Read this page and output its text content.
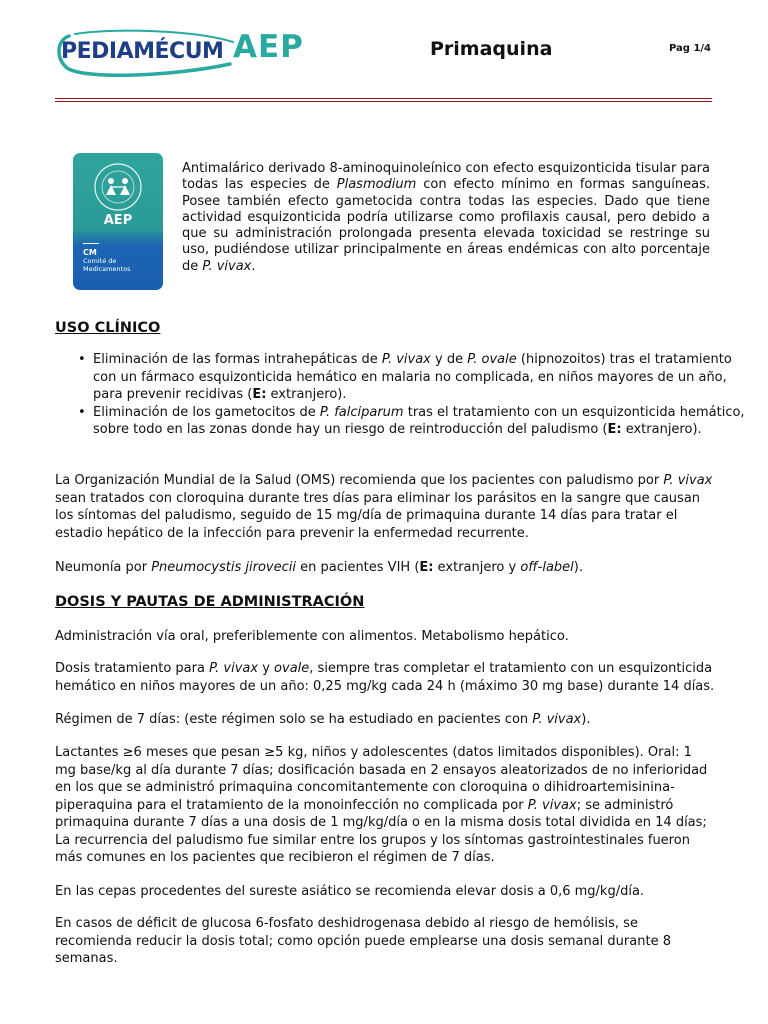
PEDIAMÉCUM AEP	Primaquina	Pag 1/4
AEP
CM
Comité de
Medicamentos

Antimalárico derivado 8-aminoquinoleínico con efecto esquizonticida tisular para todas las especies de Plasmodium con efecto mínimo en formas sanguíneas. Posee también efecto gametocida contra todas las especies. Dado que tiene actividad esquizonticida podría utilizarse como profilaxis causal, pero debido a que su administración prolongada presenta elevada toxicidad se restringe su uso, pudiéndose utilizar principalmente en áreas endémicas con alto porcentaje de P. vivax.

USO CLÍNICO
• Eliminación de las formas intrahepáticas de P. vivax y de P. ovale (hipnozoitos) tras el tratamiento con un fármaco esquizonticida hemático en malaria no complicada, en niños mayores de un año, para prevenir recidivas (E: extranjero).
• Eliminación de los gametocitos de P. falciparum tras el tratamiento con un esquizonticida hemático, sobre todo en las zonas donde hay un riesgo de reintroducción del paludismo (E: extranjero).

La Organización Mundial de la Salud (OMS) recomienda que los pacientes con paludismo por P. vivax sean tratados con cloroquina durante tres días para eliminar los parásitos en la sangre que causan los síntomas del paludismo, seguido de 15 mg/día de primaquina durante 14 días para tratar el estadio hepático de la infección para prevenir la enfermedad recurrente.

Neumonía por Pneumocystis jirovecii en pacientes VIH (E: extranjero y off-label).

DOSIS Y PAUTAS DE ADMINISTRACIÓN

Administración vía oral, preferiblemente con alimentos. Metabolismo hepático.

Dosis tratamiento para P. vivax y ovale, siempre tras completar el tratamiento con un esquizonticida hemático en niños mayores de un año: 0,25 mg/kg cada 24 h (máximo 30 mg base) durante 14 días.

Régimen de 7 días: (este régimen solo se ha estudiado en pacientes con P. vivax).

Lactantes ≥6 meses que pesan ≥5 kg, niños y adolescentes (datos limitados disponibles). Oral: 1 mg base/kg al día durante 7 días; dosificación basada en 2 ensayos aleatorizados de no inferioridad en los que se administró primaquina concomitantemente con cloroquina o dihidroartemisinina-piperaquina para el tratamiento de la monoinfección no complicada por P. vivax; se administró primaquina durante 7 días a una dosis de 1 mg/kg/día o en la misma dosis total dividida en 14 días; La recurrencia del paludismo fue similar entre los grupos y los síntomas gastrointestinales fueron más comunes en los pacientes que recibieron el régimen de 7 días.

En las cepas procedentes del sureste asiático se recomienda elevar dosis a 0,6 mg/kg/día.

En casos de déficit de glucosa 6-fosfato deshidrogenasa debido al riesgo de hemólisis, se recomienda reducir la dosis total; como opción puede emplearse una dosis semanal durante 8 semanas.
